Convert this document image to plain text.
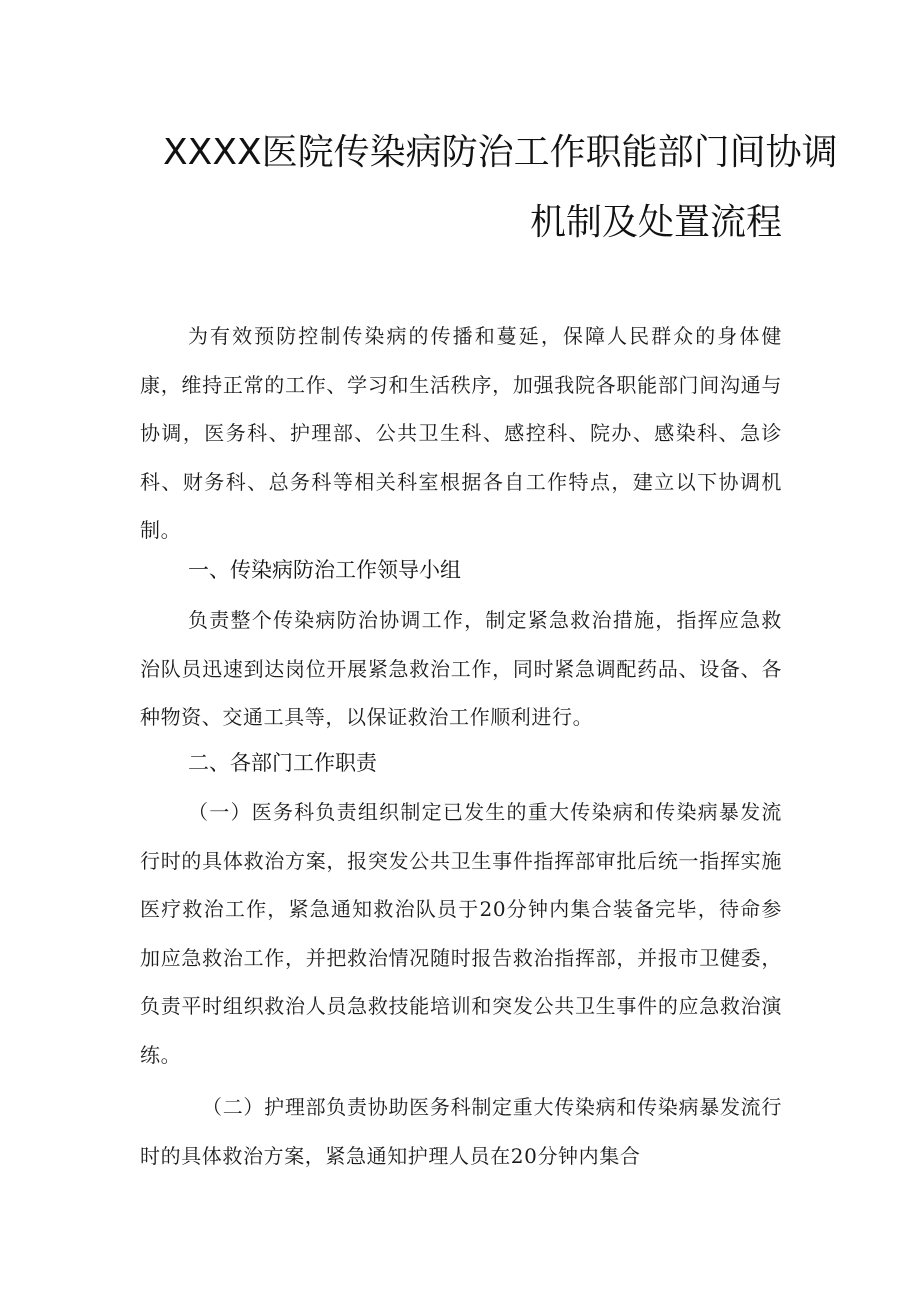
XXXX医院传染病防治工作职能部门间协调
机制及处置流程
为有效预防控制传染病的传播和蔓延，保障人民群众的身体健康，维持正常的工作、学习和生活秩序，加强我院各职能部门间沟通与协调，医务科、护理部、公共卫生科、感控科、院办、感染科、急诊科、财务科、总务科等相关科室根据各自工作特点，建立以下协调机制。
一、传染病防治工作领导小组
负责整个传染病防治协调工作，制定紧急救治措施，指挥应急救治队员迅速到达岗位开展紧急救治工作，同时紧急调配药品、设备、各种物资、交通工具等，以保证救治工作顺利进行。
二、各部门工作职责
（一）医务科负责组织制定已发生的重大传染病和传染病暴发流行时的具体救治方案，报突发公共卫生事件指挥部审批后统一指挥实施医疗救治工作，紧急通知救治队员于20分钟内集合装备完毕，待命参加应急救治工作，并把救治情况随时报告救治指挥部，并报市卫健委，负责平时组织救治人员急救技能培训和突发公共卫生事件的应急救治演练。
（二）护理部负责协助医务科制定重大传染病和传染病暴发流行时的具体救治方案，紧急通知护理人员在20分钟内集合
